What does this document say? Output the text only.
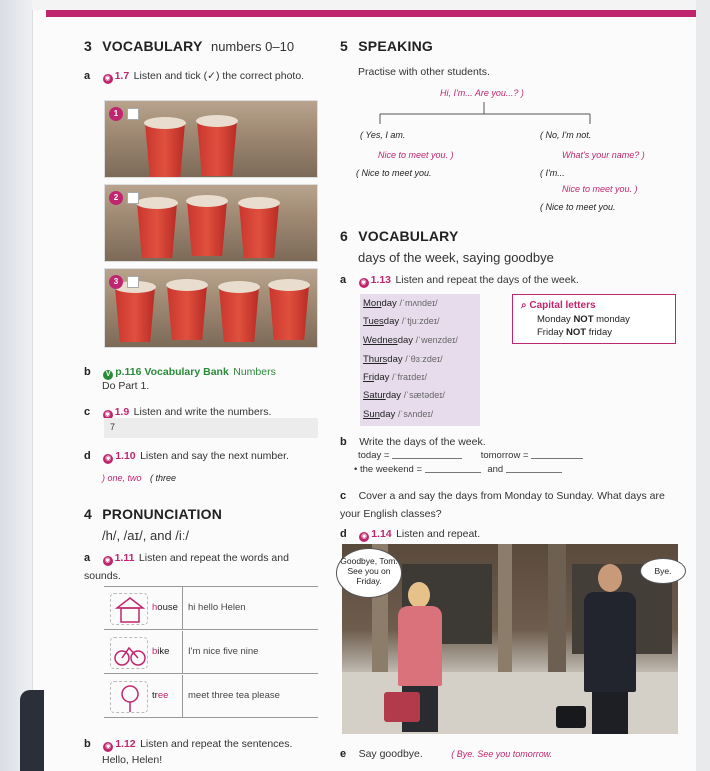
3 VOCABULARY numbers 0–10
a ◉ 1.7 Listen and tick (✓) the correct photo.
1
2
3
b V p.116 Vocabulary Bank Numbers
Do Part 1.
c ◉ 1.9 Listen and write the numbers.
7
d ◉ 1.10 Listen and say the next number.
) one, two ( three
4 PRONUNCIATION
/h/, /aɪ/, and /iː/
a ◉ 1.11 Listen and repeat the words and sounds.
house hi hello Helen
bike I'm nice five nine
tree meet three tea please
b ◉ 1.12 Listen and repeat the sentences.
Hello, Helen!
5 SPEAKING
Practise with other students.
Hi, I'm... Are you...? )
( Yes, I am.
Nice to meet you. )
( Nice to meet you.
( No, I'm not.
What's your name? )
( I'm...
Nice to meet you. )
( Nice to meet you.
6 VOCABULARY
days of the week, saying goodbye
a ◉ 1.13 Listen and repeat the days of the week.
Monday /ˈmʌndeɪ/
Tuesday /ˈtjuːzdeɪ/
Wednesday /ˈwenzdeɪ/
Thursday /ˈθɜːzdeɪ/
Friday /ˈfraɪdeɪ/
Saturday /ˈsætədeɪ/
Sunday /ˈsʌndeɪ/
⌕ Capital letters
Monday NOT monday
Friday NOT friday
b Write the days of the week.
today =	tomorrow =
• the weekend =	and
c Cover a and say the days from Monday to Sunday. What days are your English classes?
d ◉ 1.14 Listen and repeat.
Goodbye, Tom. See you on Friday.
Bye.
e Say goodbye.	( Bye. See you tomorrow.
